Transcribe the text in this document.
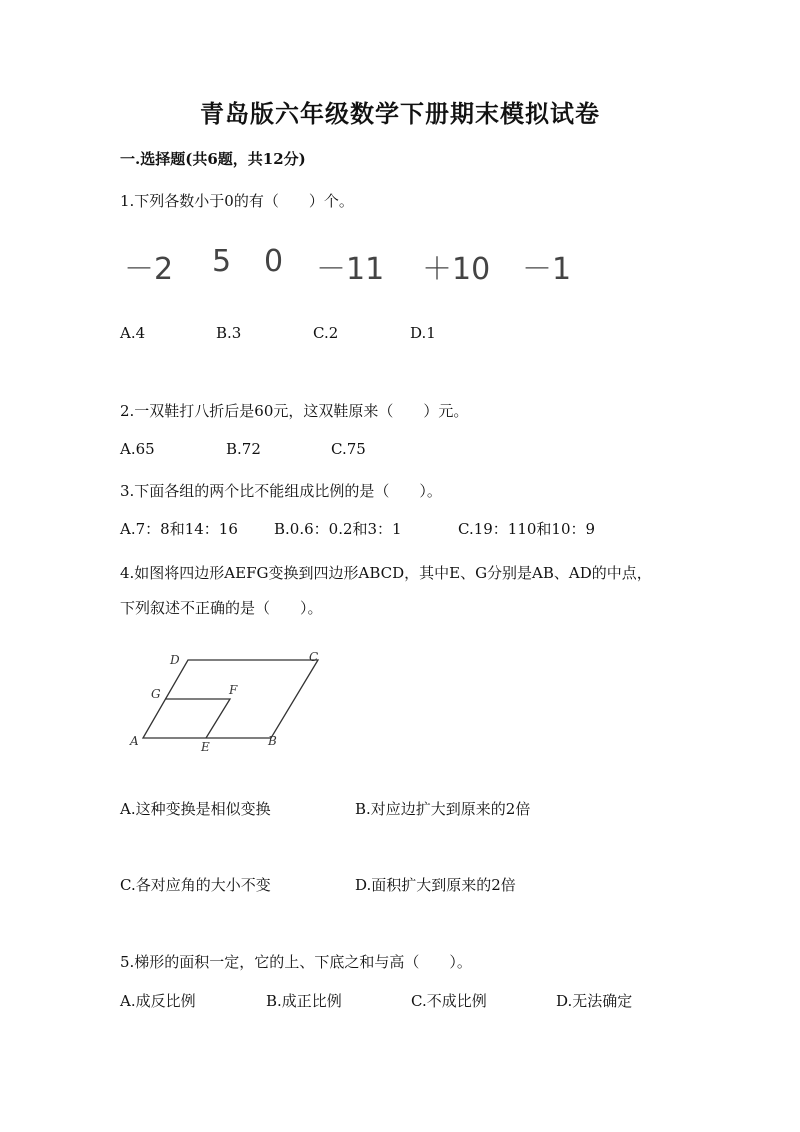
青岛版六年级数学下册期末模拟试卷
一.选择题(共6题，共12分)
1.下列各数小于0的有（　　）个。
－2 5 0 －11 ＋10 －1
A.4	B.3	C.2	D.1
2.一双鞋打八折后是60元，这双鞋原来（　　）元。
A.65	B.72	C.75
3.下面各组的两个比不能组成比例的是（　　）。
A.7：8和14：16 B.0.6：0.2和3：1	C.19：110和10：9
4.如图将四边形AEFG变换到四边形ABCD，其中E、G分别是AB、AD的中点，
下列叙述不正确的是（　　）。
D	C
G	F
A	E	B
A.这种变换是相似变换	B.对应边扩大到原来的2倍
C.各对应角的大小不变	D.面积扩大到原来的2倍
5.梯形的面积一定，它的上、下底之和与高（　　）。
A.成反比例	B.成正比例	C.不成比例	D.无法确定
